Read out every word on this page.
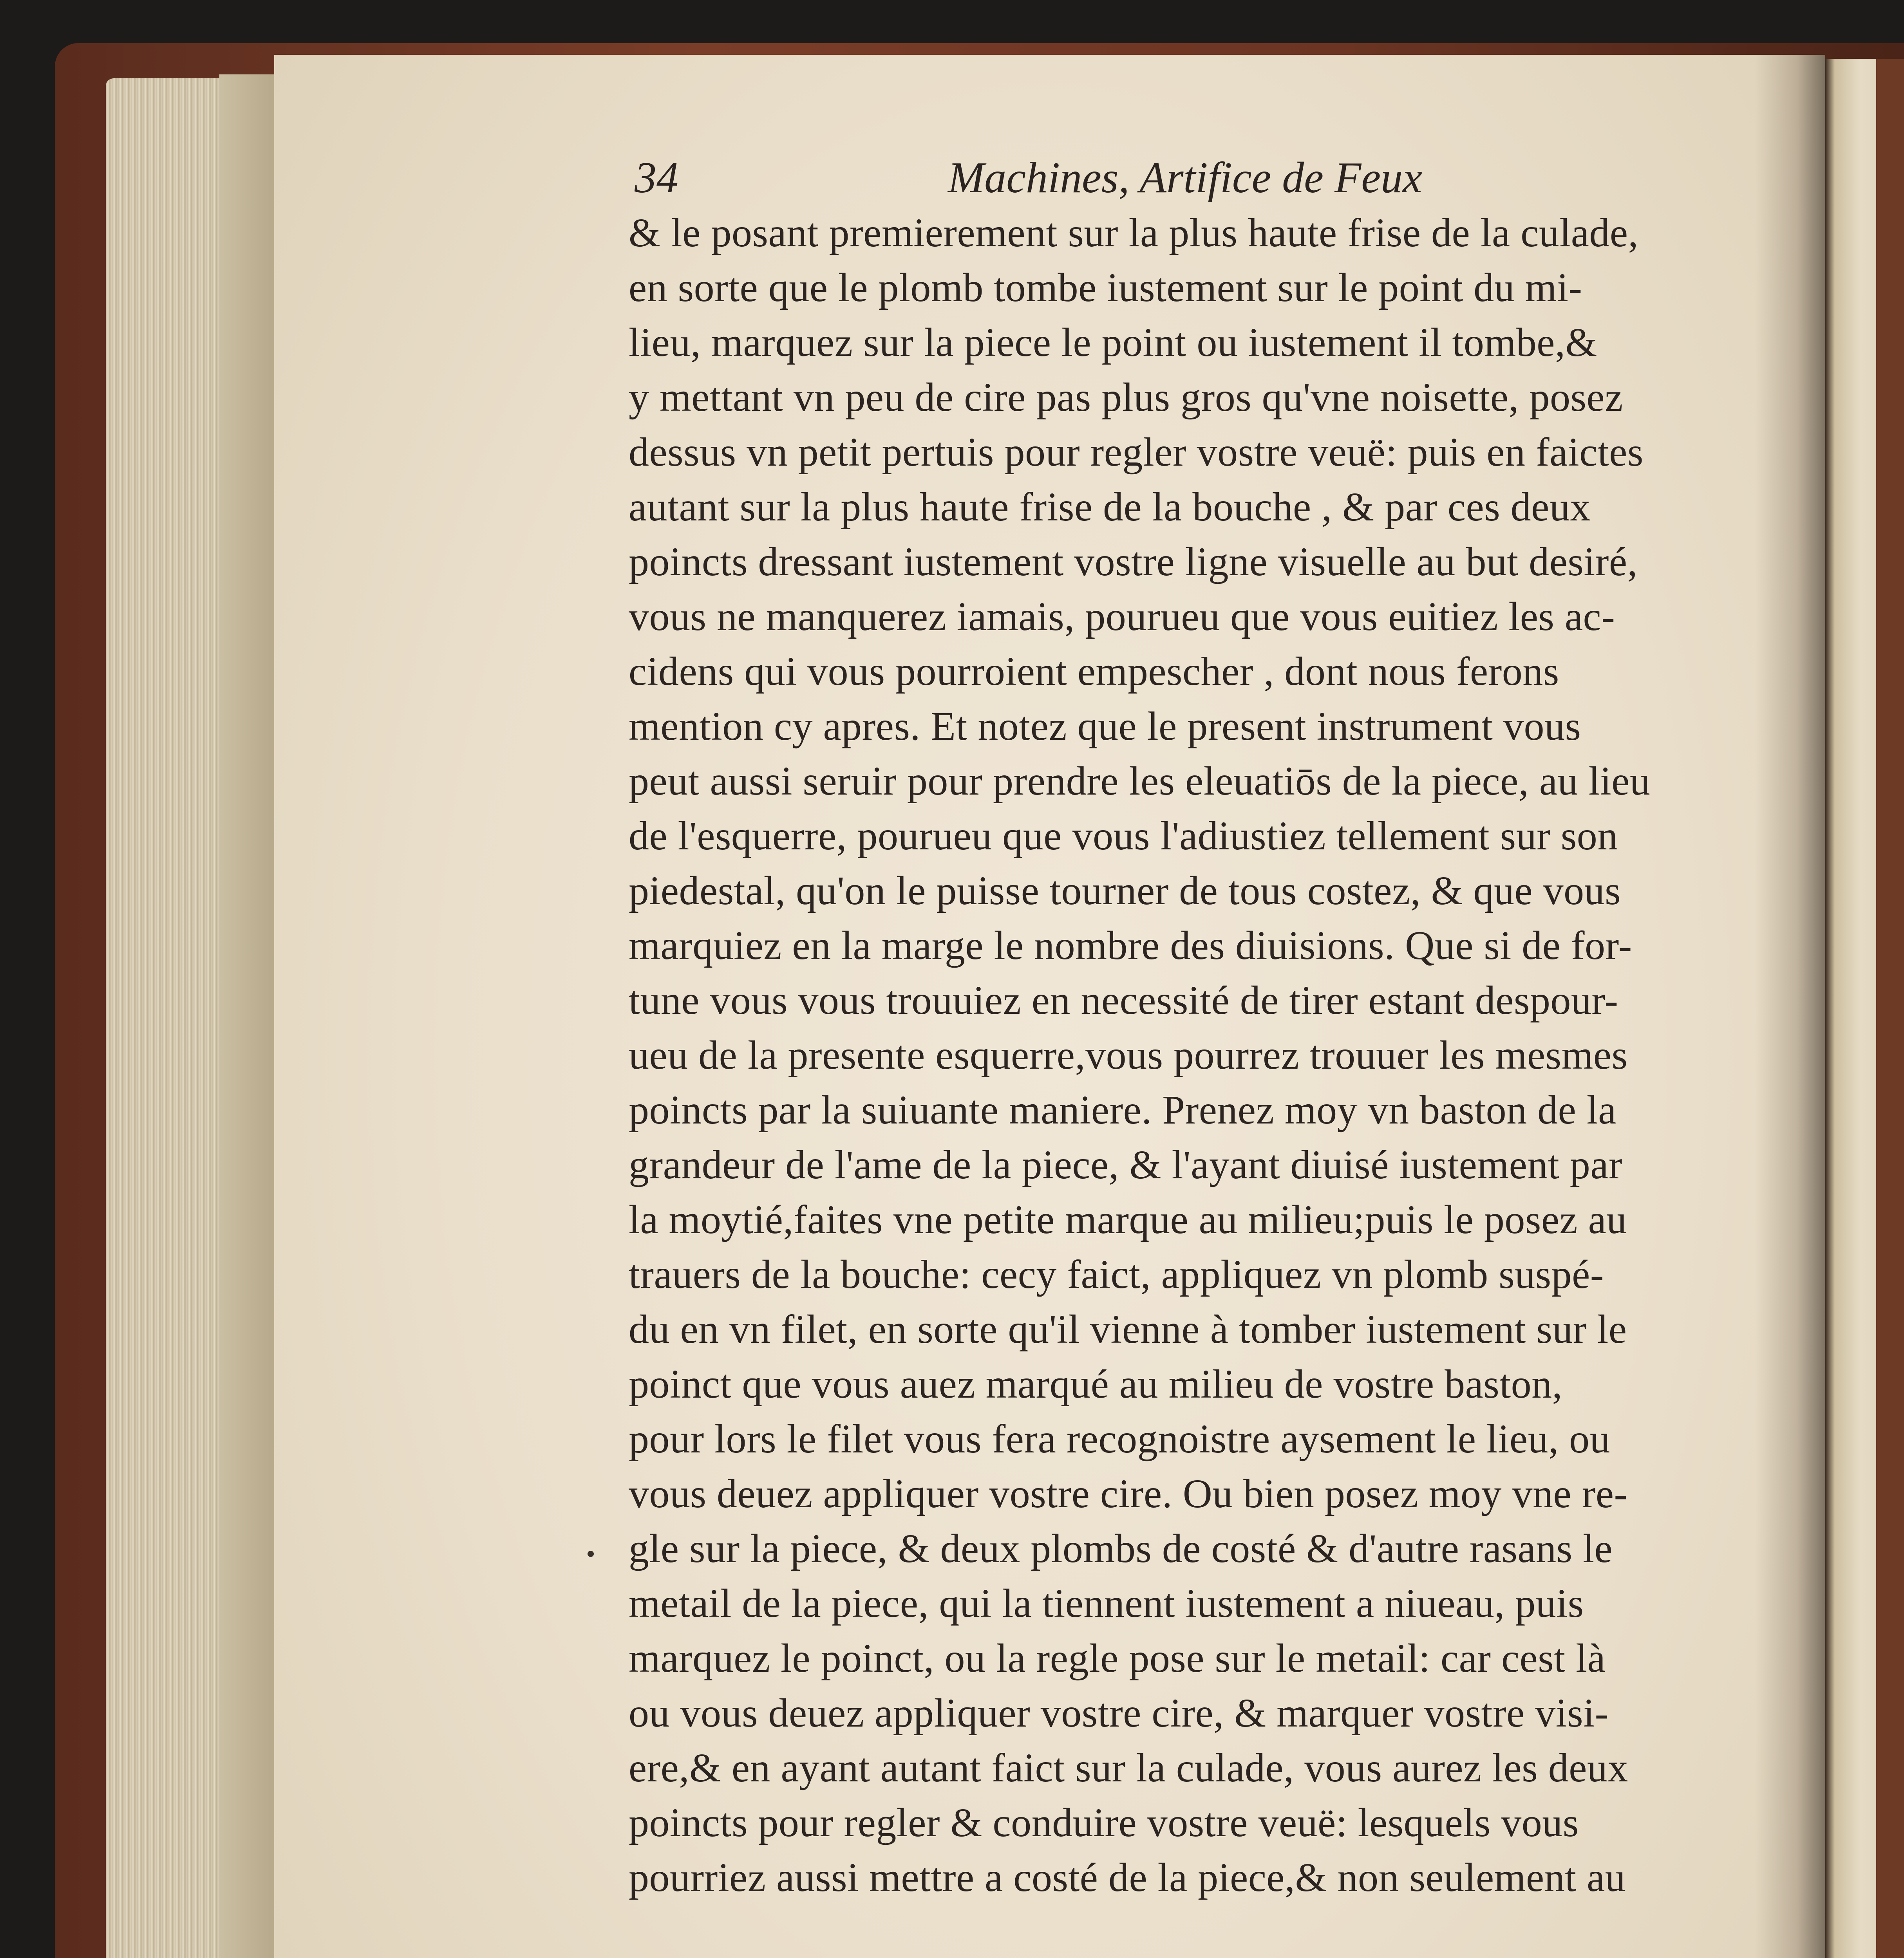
34	Machines, Artifice de Feux
& le posant premierement sur la plus haute frise de la culade,
en sorte que le plomb tombe iustement sur le point du mi-
lieu, marquez sur la piece le point ou iustement il tombe,&
y mettant vn peu de cire pas plus gros qu'vne noisette, posez
dessus vn petit pertuis pour regler vostre veuë: puis en faictes
autant sur la plus haute frise de la bouche , & par ces deux
poincts dressant iustement vostre ligne visuelle au but desiré,
vous ne manquerez iamais, pourueu que vous euitiez les ac-
cidens qui vous pourroient empescher , dont nous ferons
mention cy apres. Et notez que le present instrument vous
peut aussi seruir pour prendre les eleuatiōs de la piece, au lieu
de l'esquerre, pourueu que vous l'adiustiez tellement sur son
piedestal, qu'on le puisse tourner de tous costez, & que vous
marquiez en la marge le nombre des diuisions. Que si de for-
tune vous vous trouuiez en necessité de tirer estant despour-
ueu de la presente esquerre,vous pourrez trouuer les mesmes
poincts par la suiuante maniere. Prenez moy vn baston de la
grandeur de l'ame de la piece, & l'ayant diuisé iustement par
la moytié,faites vne petite marque au milieu;puis le posez au
trauers de la bouche: cecy faict, appliquez vn plomb suspé-
du en vn filet, en sorte qu'il vienne à tomber iustement sur le
poinct que vous auez marqué au milieu de vostre baston,
pour lors le filet vous fera recognoistre aysement le lieu, ou
vous deuez appliquer vostre cire. Ou bien posez moy vne re-
gle sur la piece, & deux plombs de costé & d'autre rasans le
metail de la piece, qui la tiennent iustement a niueau, puis
marquez le poinct, ou la regle pose sur le metail: car cest là
ou vous deuez appliquer vostre cire, & marquer vostre visi-
ere,& en ayant autant faict sur la culade, vous aurez les deux
poincts pour regler & conduire vostre veuë: lesquels vous
pourriez aussi mettre a costé de la piece,& non seulement au
